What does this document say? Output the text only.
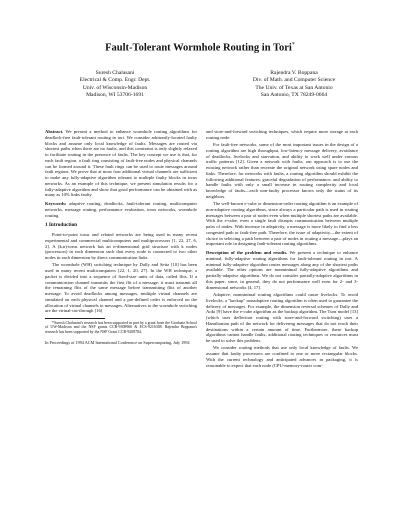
Fault-Tolerant Wormhole Routing in Tori*
Suresh Chalasani
Electrical & Comp. Engr. Dept.
Univ. of Wisconsin-Madison
Madison, WI 53706-1691
Rajendra V. Boppana
Div. of Math. and Computer Science
The Univ. of Texas at San Antonio
San Antonio, TX 78249-0664

Abstract. We present a method to enhance wormhole routing algorithms for deadlock-free fault-tolerant routing in tori. We consider arbitrarily-located faulty blocks and assume only local knowledge of faults. Messages are routed via shortest paths when there are no faults, and this constraint is only slightly relaxed to facilitate routing in the presence of faults. The key concept we use is that, for each fault region, a fault ring consisting of fault-free nodes and physical channels can be formed around it. These fault rings can be used to route messages around fault regions. We prove that at most four additional virtual channels are sufficient to make any fully-adaptive algorithm tolerant to multiple faulty blocks in torus networks. As an example of this technique, we present simulation results for a fully-adaptive algorithm and show that good performance can be obtained with as many as 10% links faulty.

Keywords: adaptive routing, deadlocks, fault-tolerant routing, multicomputer networks, message routing, performance evaluation, torus networks, wormhole routing.

1 Introduction

Point-to-point torus and related networks are being used in many recent experimental and commercial multicomputers and multiprocessors [1, 22, 27, 6, 2]. A (k,n)-torus network has an n-dimensional grid structure with k nodes (processors) in each dimension such that every node is connected to two other nodes in each dimension by direct communication links.

The wormhole (WH) switching technique by Dally and Seitz [10] has been used in many recent multicomputers [22, 1, 20, 27]. In the WH technique, a packet is divided into a sequence of fixed-size units of data, called flits. If a communication channel transmits the first flit of a message, it must transmit all the remaining flits of the same message before transmitting flits of another message. To avoid deadlocks among messages, multiple virtual channels are simulated on each physical channel and a pre-defined order is enforced on the allocation of virtual channels to messages. Alternatives to the wormhole switching are the virtual-cut-through [16]

*Suresh Chalasani's research has been supported in part by a grant from the Graduate School of UW-Madison and the NSF grants CCR-9308966 & ECS-9216308. Rajendra Boppana's research has been supported by the NSF Grant CCR-9208784.

In Proceedings of 1994 ACM International Conference on Supercomputing, July 1994

and store-and-forward switching techniques, which require more storage at each routing node.

For fault-free networks, some of the most important issues in the design of a routing algorithm are high throughput, low-latency message delivery, avoidance of deadlocks, livelocks and starvation, and ability to work well under various traffic patterns [12]. Given a network with faults, our approach is to use the existing network rather than recreate the original network using spare nodes and links. Therefore, for networks with faults, a routing algorithm should exhibit the following additional features: graceful degradation of performance, and ability to handle faults with only a small increase in routing complexity and local knowledge of faults—each non-faulty processor knows only the status of its neighbors.

The well-known e-cube or dimension-order routing algorithm is an example of non-adaptive routing algorithms, since always a particular path is used in routing messages between a pair of nodes even when multiple shortest paths are available. With the e-cube, even a single fault disrupts communication between multiple pairs of nodes. With increase in adaptivity, a message is more likely to find a less congested path or fault-free path. Therefore, the issue of adaptivity—the extent of choice in selecting a path between a pair of nodes in routing a message—plays an important role in designing fault-tolerant routing algorithms.

Description of the problem and results. We present a technique to enhance minimal, fully-adaptive routing algorithms for fault-tolerant routing in tori. A minimal fully-adaptive algorithm routes messages along any of the shortest paths available. The other options are nonminimal fully-adaptive algorithms and partially-adaptive algorithms. We do not consider partially-adaptive algorithms in this paper, since, in general, they do not performance well even for 2- and 3-dimensional networks [4, 17].

Adaptive, nonminimal routing algorithms could cause livelocks. To avoid livelocks, a "backup" nonadaptive routing algorithm is often used to guarantee the delivery of messages. For example, the dimension reversal schemes of Dally and Aoki [9] have the e-cube algorithm as the backup algorithm. The Turn model [13] (which uses deflection routing with store-and-forward switching) uses a Hamiltonian path of the network for delivering messages that do not reach their destinations within a certain amount of time. Furthermore, these backup algorithms cannot handle faults; additional routing techniques or resources must be used to solve this problem.

We consider routing methods that use only local knowledge of faults. We assume that faulty processors are confined to one or more rectangular blocks. With the current technology and anticipated advances in packaging, it is reasonable to expect that each node (CPU-memory-router com-
